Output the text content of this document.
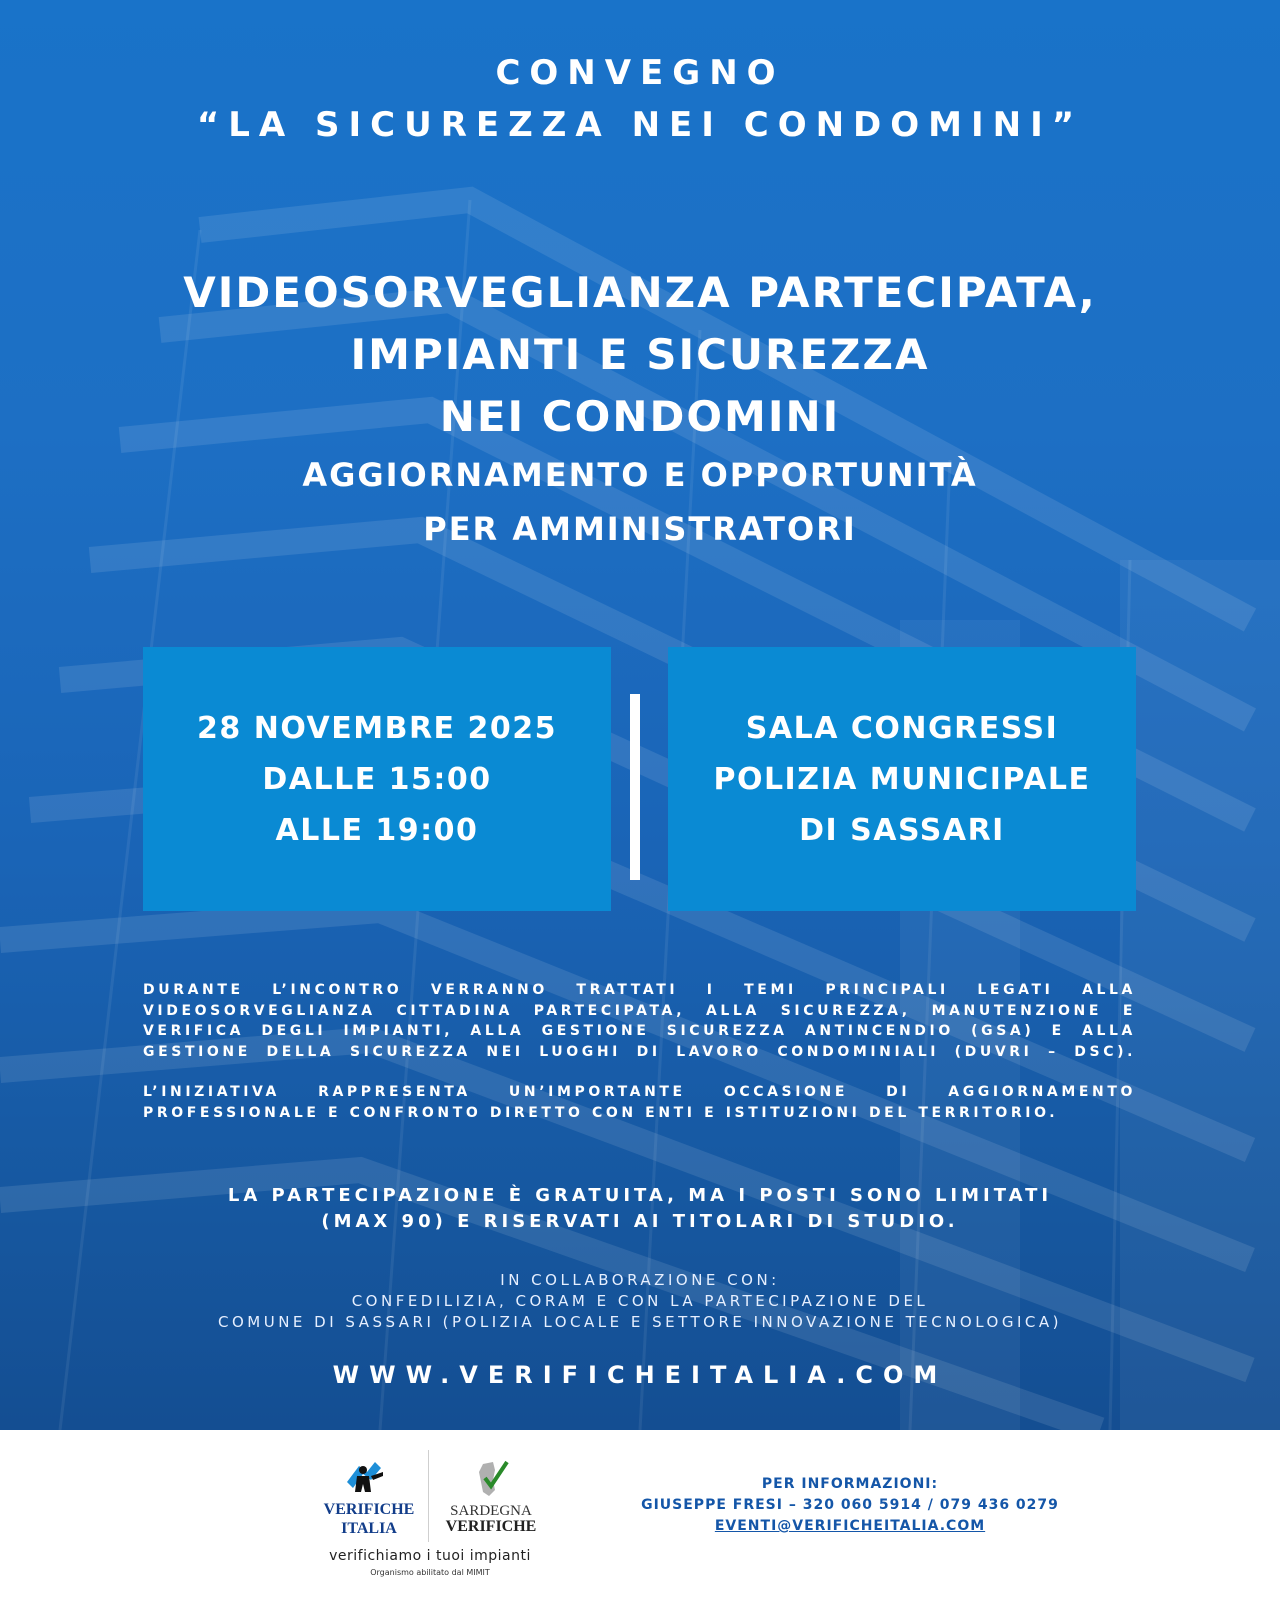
CONVEGNO
“LA SICUREZZA NEI CONDOMINI”
VIDEOSORVEGLIANZA PARTECIPATA,
IMPIANTI E SICUREZZA
NEI CONDOMINI
AGGIORNAMENTO E OPPORTUNITÀ
PER AMMINISTRATORI
28 NOVEMBRE 2025
DALLE 15:00
ALLE 19:00
SALA CONGRESSI
POLIZIA MUNICIPALE
DI SASSARI

DURANTE L’INCONTRO VERRANNO TRATTATI I TEMI PRINCIPALI LEGATI ALLA VIDEOSORVEGLIANZA CITTADINA PARTECIPATA, ALLA SICUREZZA, MANUTENZIONE E VERIFICA DEGLI IMPIANTI, ALLA GESTIONE SICUREZZA ANTINCENDIO (GSA) E ALLA GESTIONE DELLA SICUREZZA NEI LUOGHI DI LAVORO CONDOMINIALI (DUVRI – DSC).

L’INIZIATIVA RAPPRESENTA UN’IMPORTANTE OCCASIONE DI AGGIORNAMENTO PROFESSIONALE E CONFRONTO DIRETTO CON ENTI E ISTITUZIONI DEL TERRITORIO.

LA PARTECIPAZIONE È GRATUITA, MA I POSTI SONO LIMITATI
(MAX 90) E RISERVATI AI TITOLARI DI STUDIO.
IN COLLABORAZIONE CON:
CONFEDILIZIA, CORAM E CON LA PARTECIPAZIONE DEL
COMUNE DI SASSARI (POLIZIA LOCALE E SETTORE INNOVAZIONE TECNOLOGICA)
WWW.VERIFICHEITALIA.COM
VERIFICHE
ITALIA
SARDEGNA
VERIFICHE
verifichiamo i tuoi impianti
Organismo abilitato dal MIMIT
PER INFORMAZIONI:
GIUSEPPE FRESI – 320 060 5914 / 079 436 0279
EVENTI@VERIFICHEITALIA.COM
